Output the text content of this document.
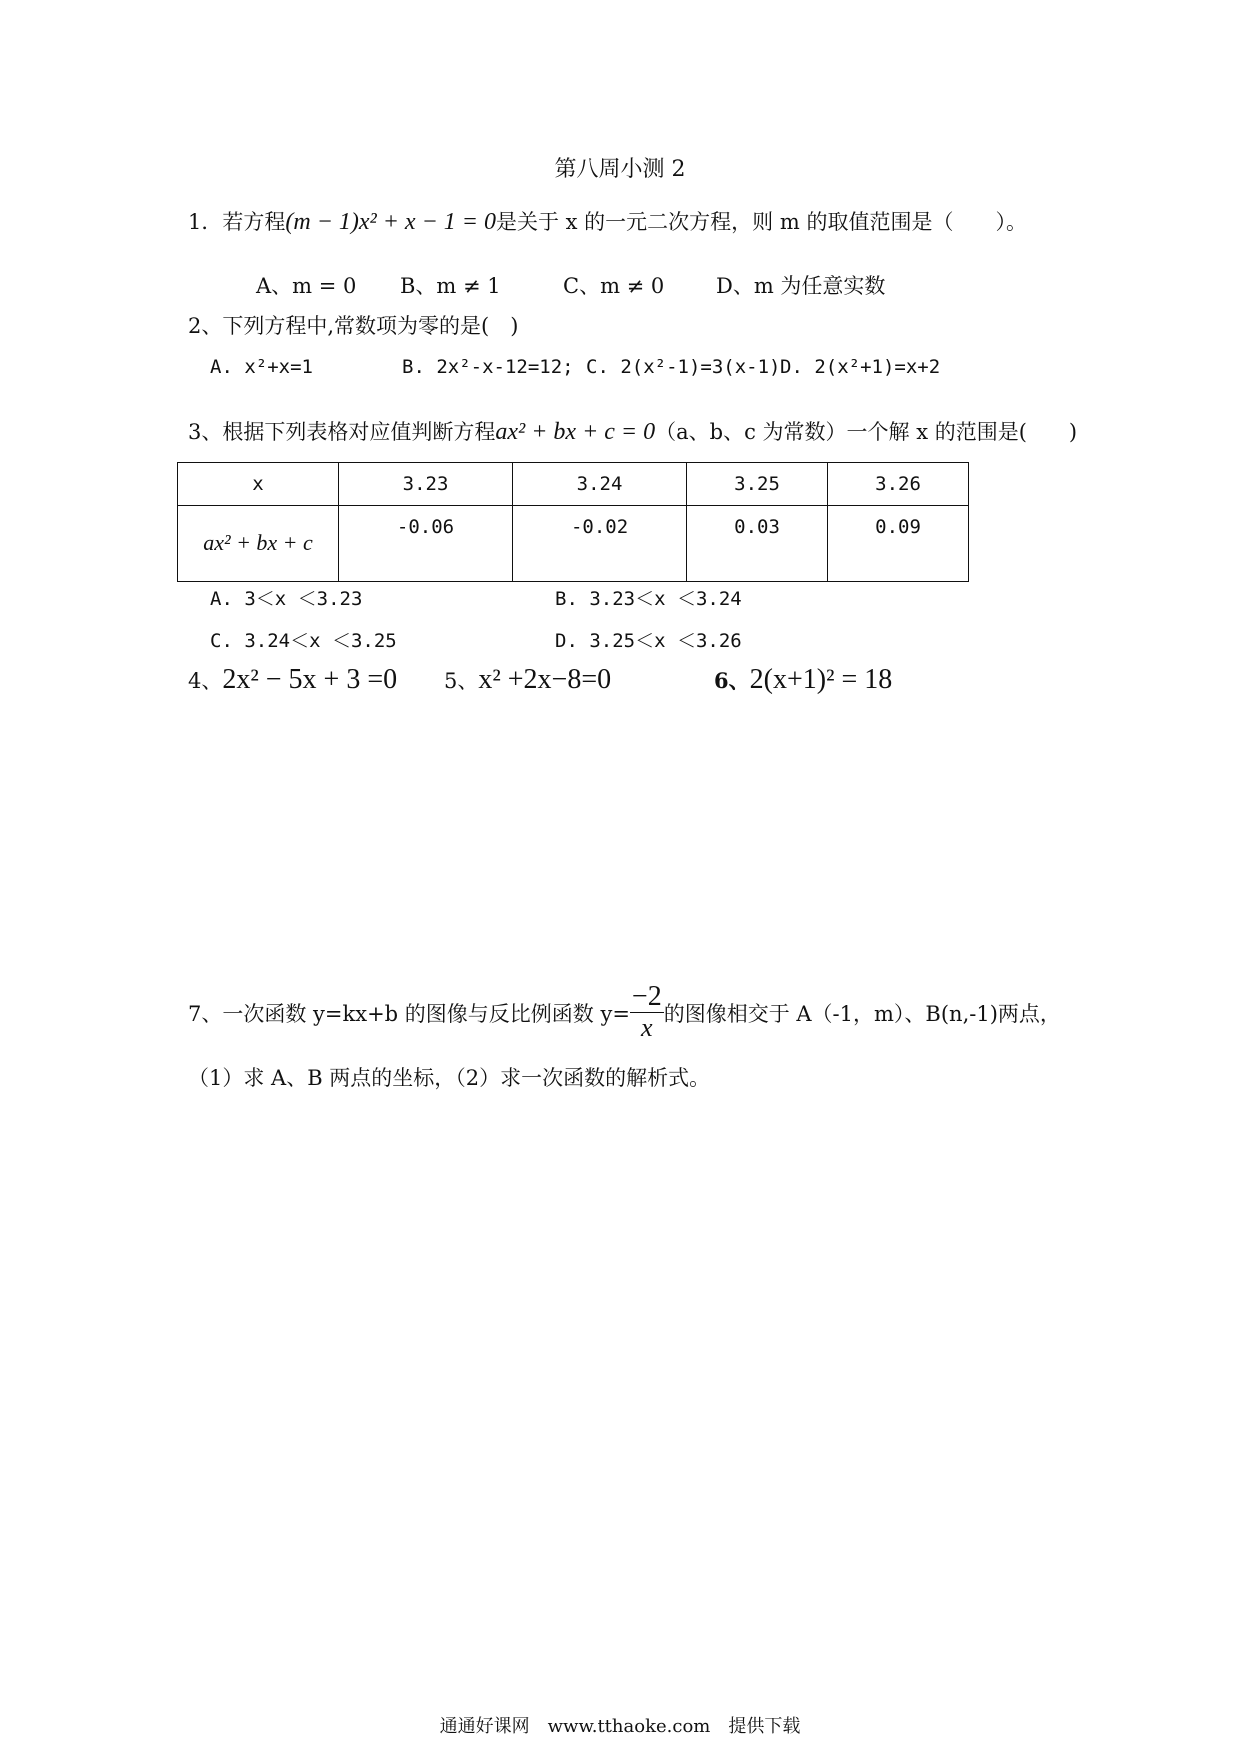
第八周小测 2
1．若方程(m − 1)x² + x − 1 = 0是关于 x 的一元二次方程，则 m 的取值范围是（　　）。
A、m = 0 B、m ≠ 1	C、m ≠ 0 D、m 为任意实数
2、下列方程中,常数项为零的是(　)
A. x²+x=1	B. 2x²-x-12=12; C. 2(x²-1)=3(x-1) D. 2(x²+1)=x+2
3、根据下列表格对应值判断方程ax² + bx + c = 0（a、b、c 为常数）一个解 x 的范围是(　　)
x	3.23	3.24	3.25	3.26
ax² + bx + c	-0.06	-0.02	0.03	0.09
A. 3＜x ＜3.23	B. 3.23＜x ＜3.24
C. 3.24＜x ＜3.25	D. 3.25＜x ＜3.26
4、2x² − 5x + 3 =0 5、x² +2x−8=0	6、2(x+1)² = 18
7、一次函数 y=kx+b 的图像与反比例函数 $y= \frac{-2}{x}$ 的图像相交于 A（-1，m）、B(n,-1)两点，
（1）求 A、B 两点的坐标，（2）求一次函数的解析式。
通通好课网　www.tthaoke.com　提供下载
